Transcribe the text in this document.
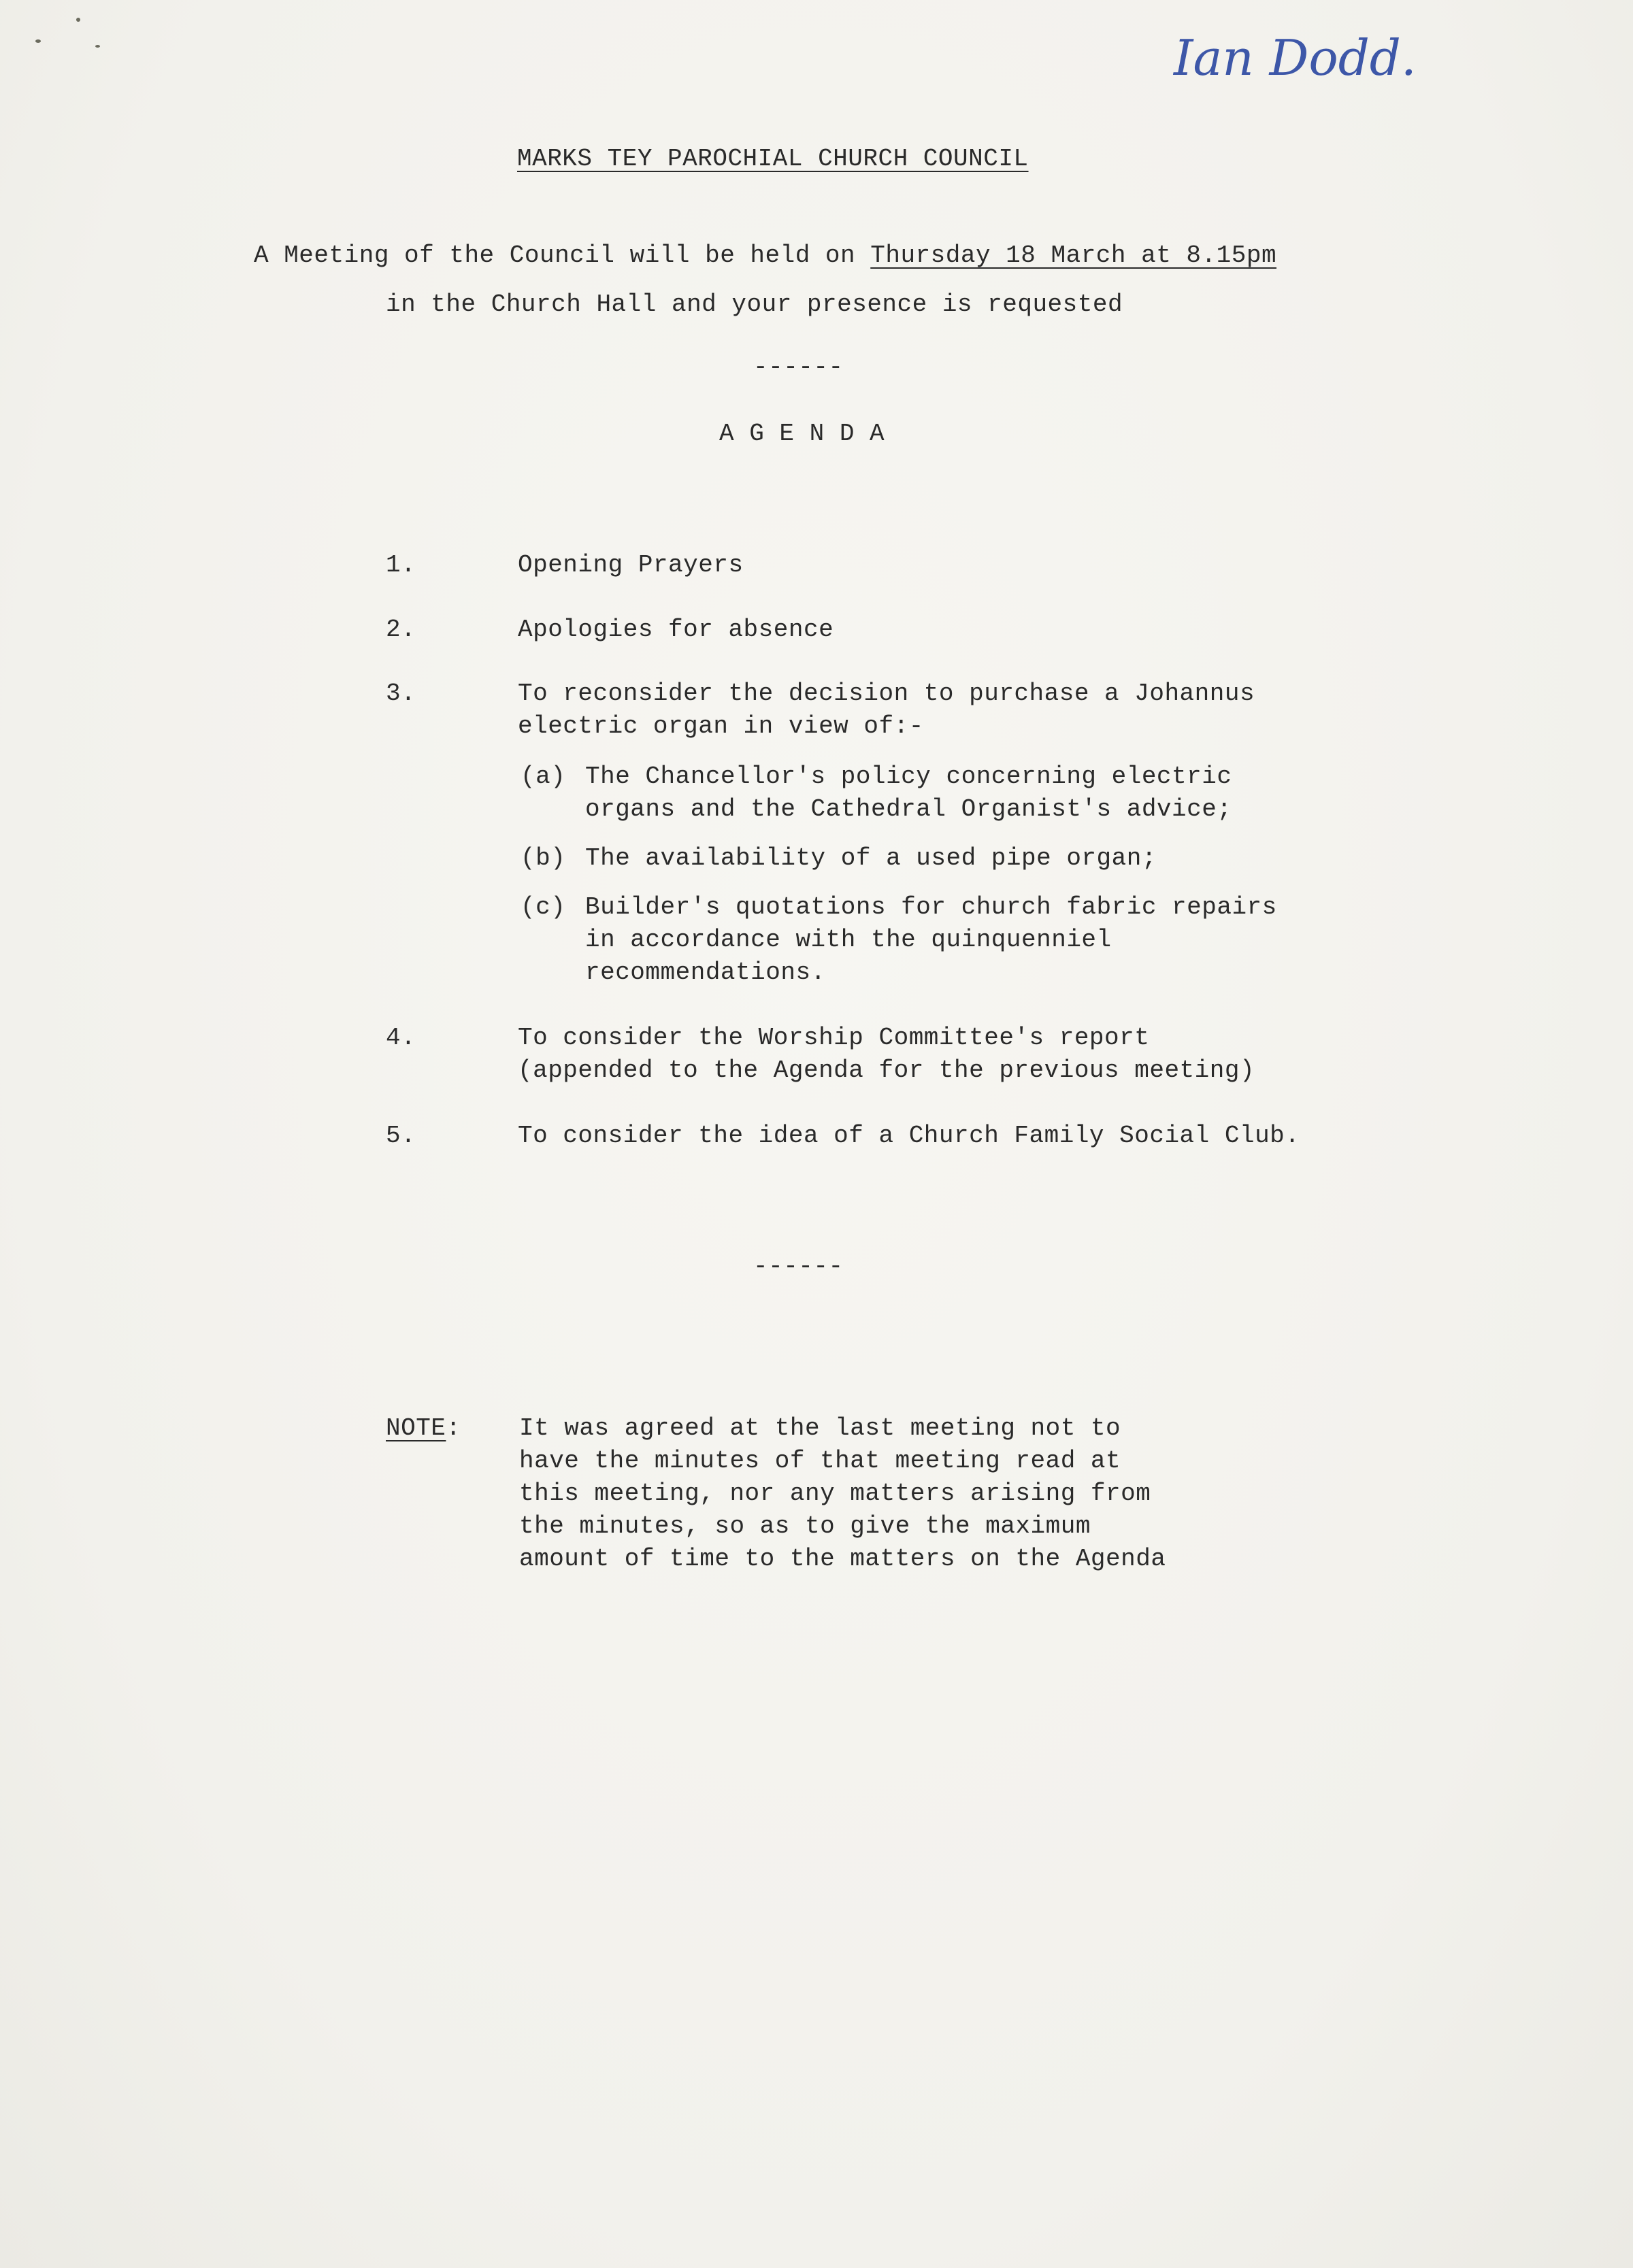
Ian Dodd.
MARKS TEY PAROCHIAL CHURCH COUNCIL
A Meeting of the Council will be held on Thursday 18 March at 8.15pm
in the Church Hall and your presence is requested
------
A G E N D A
1.	Opening Prayers
2.	Apologies for absence
3.	To reconsider the decision to purchase a Johannus
electric organ in view of:-
(a) The Chancellor's policy concerning electric
organs and the Cathedral Organist's advice;
(b) The availability of a used pipe organ;
(c) Builder's quotations for church fabric repairs
in accordance with the quinquenniel
recommendations.
4.	To consider the Worship Committee's report
(appended to the Agenda for the previous meeting)
5.	To consider the idea of a Church Family Social Club.
------
NOTE: It was agreed at the last meeting not to
have the minutes of that meeting read at
this meeting, nor any matters arising from
the minutes, so as to give the maximum
amount of time to the matters on the Agenda
